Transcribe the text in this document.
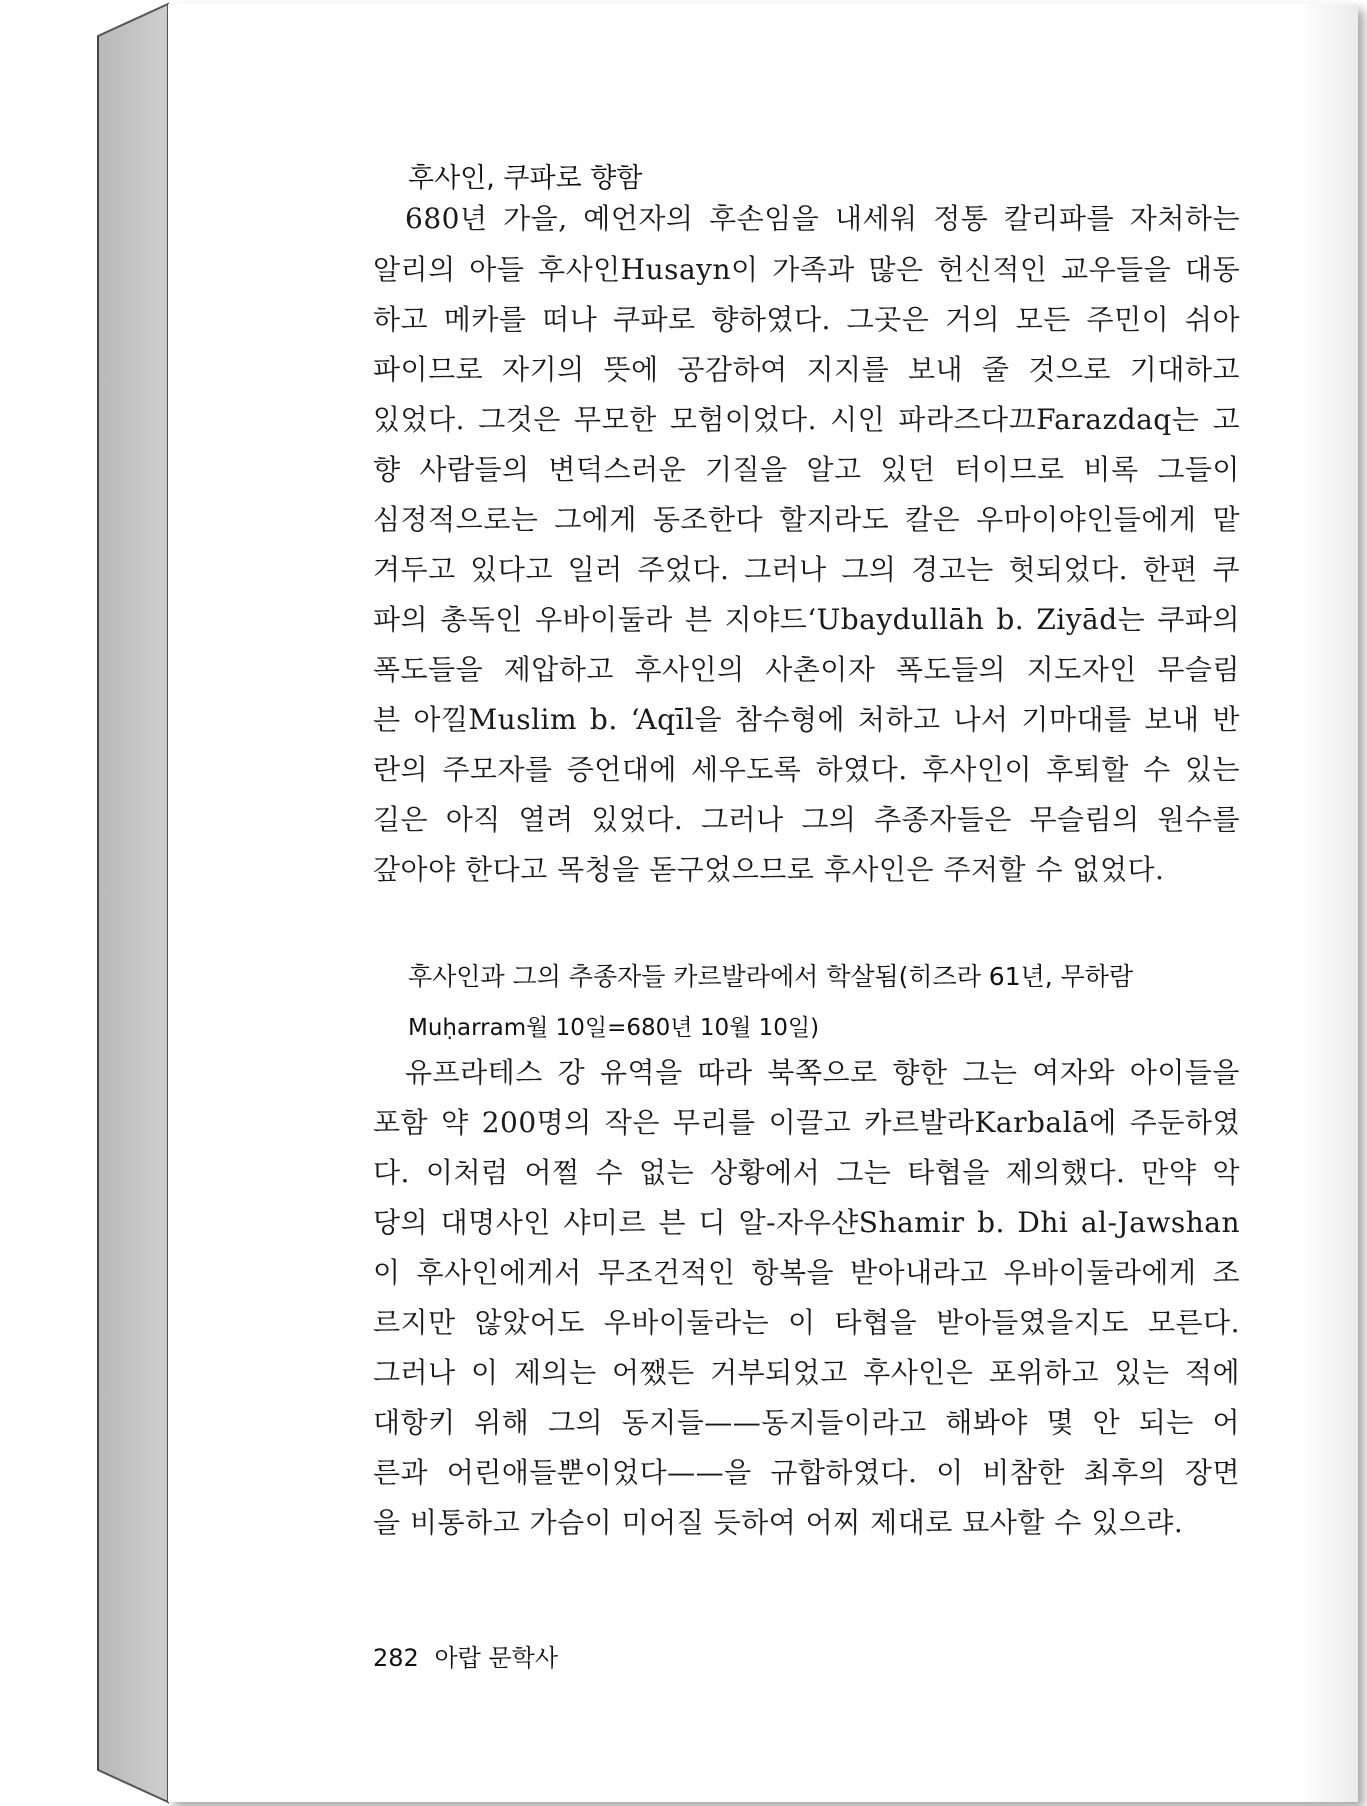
후사인, 쿠파로 향함
680년 가을, 예언자의 후손임을 내세워 정통 칼리파를 자처하는
알리의 아들 후사인Husayn이 가족과 많은 헌신적인 교우들을 대동
하고 메카를 떠나 쿠파로 향하였다. 그곳은 거의 모든 주민이 쉬아
파이므로 자기의 뜻에 공감하여 지지를 보내 줄 것으로 기대하고
있었다. 그것은 무모한 모험이었다. 시인 파라즈다끄Farazdaq는 고
향 사람들의 변덕스러운 기질을 알고 있던 터이므로 비록 그들이
심정적으로는 그에게 동조한다 할지라도 칼은 우마이야인들에게 맡
겨두고 있다고 일러 주었다. 그러나 그의 경고는 헛되었다. 한편 쿠
파의 총독인 우바이둘라 븐 지야드‘Ubaydullāh b. Ziyād는 쿠파의
폭도들을 제압하고 후사인의 사촌이자 폭도들의 지도자인 무슬림
븐 아낄Muslim b. ‘Aqīl을 참수형에 처하고 나서 기마대를 보내 반
란의 주모자를 증언대에 세우도록 하였다. 후사인이 후퇴할 수 있는
길은 아직 열려 있었다. 그러나 그의 추종자들은 무슬림의 원수를
갚아야 한다고 목청을 돋구었으므로 후사인은 주저할 수 없었다.
후사인과 그의 추종자들 카르발라에서 학살됨(히즈라 61년, 무하람
Muḥarram월 10일=680년 10월 10일)
유프라테스 강 유역을 따라 북쪽으로 향한 그는 여자와 아이들을
포함 약 200명의 작은 무리를 이끌고 카르발라Karbalā에 주둔하였
다. 이처럼 어쩔 수 없는 상황에서 그는 타협을 제의했다. 만약 악
당의 대명사인 샤미르 븐 디 알-자우샨Shamir b. Dhi al-Jawshan
이 후사인에게서 무조건적인 항복을 받아내라고 우바이둘라에게 조
르지만 않았어도 우바이둘라는 이 타협을 받아들였을지도 모른다.
그러나 이 제의는 어쨌든 거부되었고 후사인은 포위하고 있는 적에
대항키 위해 그의 동지들——동지들이라고 해봐야 몇 안 되는 어
른과 어린애들뿐이었다——을 규합하였다. 이 비참한 최후의 장면
을 비통하고 가슴이 미어질 듯하여 어찌 제대로 묘사할 수 있으랴.
282 아랍 문학사
